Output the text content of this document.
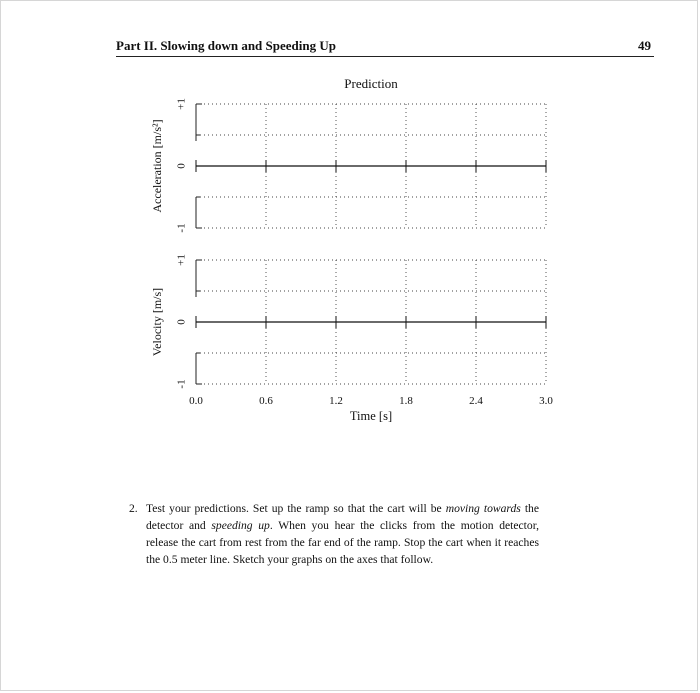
Part II. Slowing down and Speeding Up	49
+1
0
-1
Acceleration [m/s²]
Prediction
+1
0
-1
Velocity [m/s]
0.0	0.6	1.2	1.8	2.4	3.0
Time [s]
2. Test your predictions. Set up the ramp so that the cart will be moving towards the detector and speeding up. When you hear the clicks from the motion detector, release the cart from rest from the far end of the ramp. Stop the cart when it reaches the 0.5 meter line. Sketch your graphs on the axes that follow.
